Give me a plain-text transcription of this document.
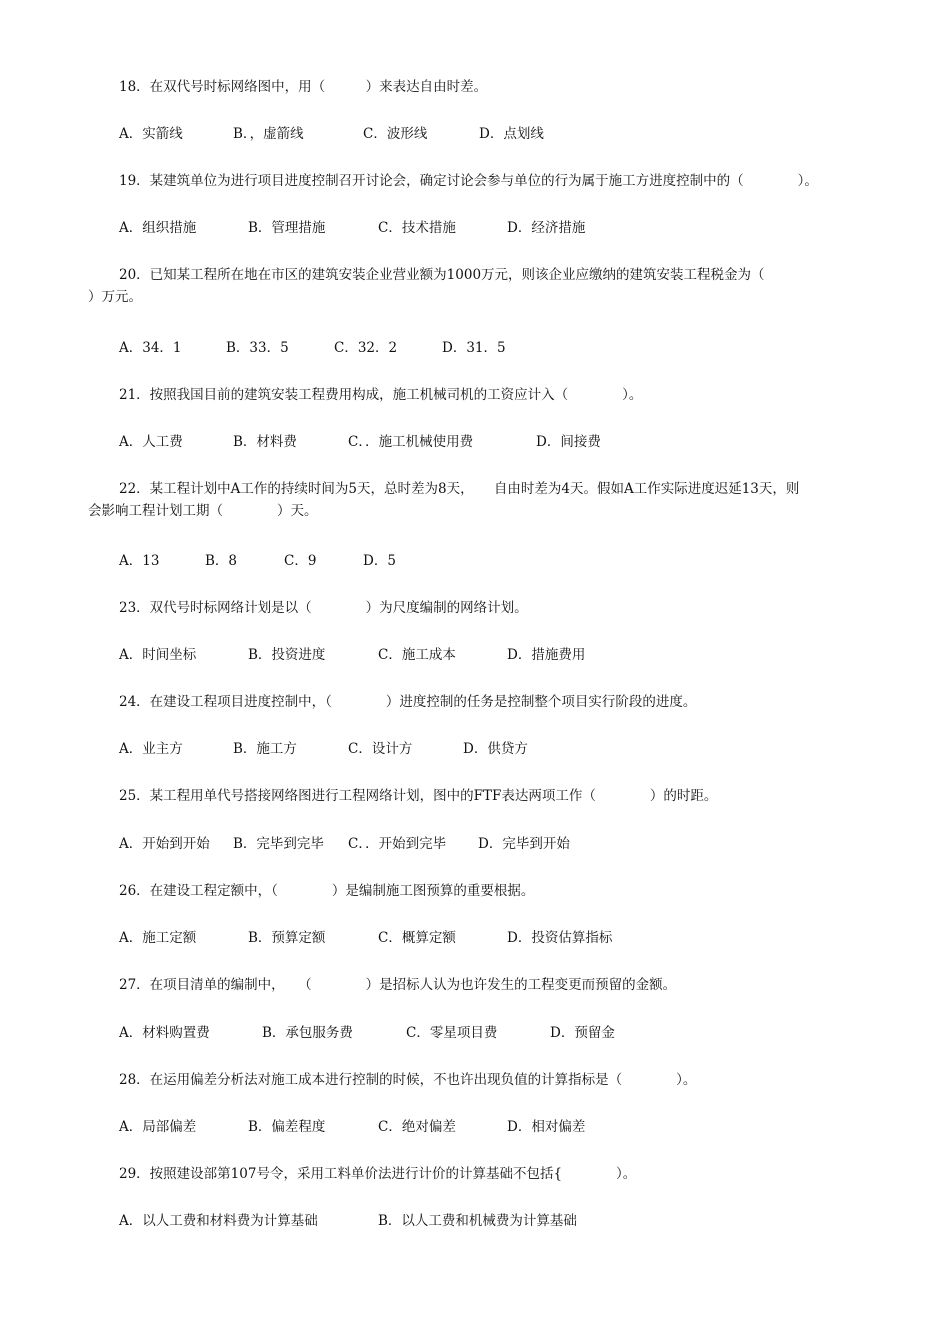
18．在双代号时标网络图中，用（　　　）来表达自由时差。
A．实箭线	B．，虚箭线	C．波形线	D．点划线
19．某建筑单位为进行项目进度控制召开讨论会，确定讨论会参与单位的行为属于施工方进度控制中的（　　　　）。
A．组织措施	B．管理措施	C．技术措施	D．经济措施
20．已知某工程所在地在市区的建筑安装企业营业额为1000万元，则该企业应缴纳的建筑安装工程税金为（
）万元。
A．34．1	B．33．5	C．32．2	D．31．5
21．按照我国目前的建筑安装工程费用构成，施工机械司机的工资应计入（　　　　）。
A．人工费	B．材料费	C．．施工机械使用费	D．间接费
22．某工程计划中A工作的持续时间为5天，总时差为8天，　　自由时差为4天。假如A工作实际进度迟延13天，则
会影响工程计划工期（　　　　）天。
A．13	B．8	C．9	D．5
23．双代号时标网络计划是以（　　　　）为尺度编制的网络计划。
A．时间坐标	B．投资进度	C．施工成本	D．措施费用
24．在建设工程项目进度控制中，（　　　　）进度控制的任务是控制整个项目实行阶段的进度。
A．业主方	B．施工方	C．设计方	D．供贷方
25．某工程用单代号搭接网络图进行工程网络计划，图中的FTF表达两项工作（　　　　）的时距。
A．开始到开始 B．完毕到完毕 C．．开始到完毕 D．完毕到开始
26．在建设工程定额中，（　　　　）是编制施工图预算的重要根据。
A．施工定额	B．预算定额	C．概算定额	D．投资估算指标
27．在项目清单的编制中，　　（　　　　）是招标人认为也许发生的工程变更而预留的金额。
A．材料购置费	B．承包服务费	C．零星项目费	D．预留金
28．在运用偏差分析法对施工成本进行控制的时候，不也许出现负值的计算指标是（　　　　）。
A．局部偏差	B．偏差程度	C．绝对偏差	D．相对偏差
29．按照建设部第107号令，采用工料单价法进行计价的计算基础不包括{　　　　）。
A．以人工费和材料费为计算基础	B．以人工费和机械费为计算基础
